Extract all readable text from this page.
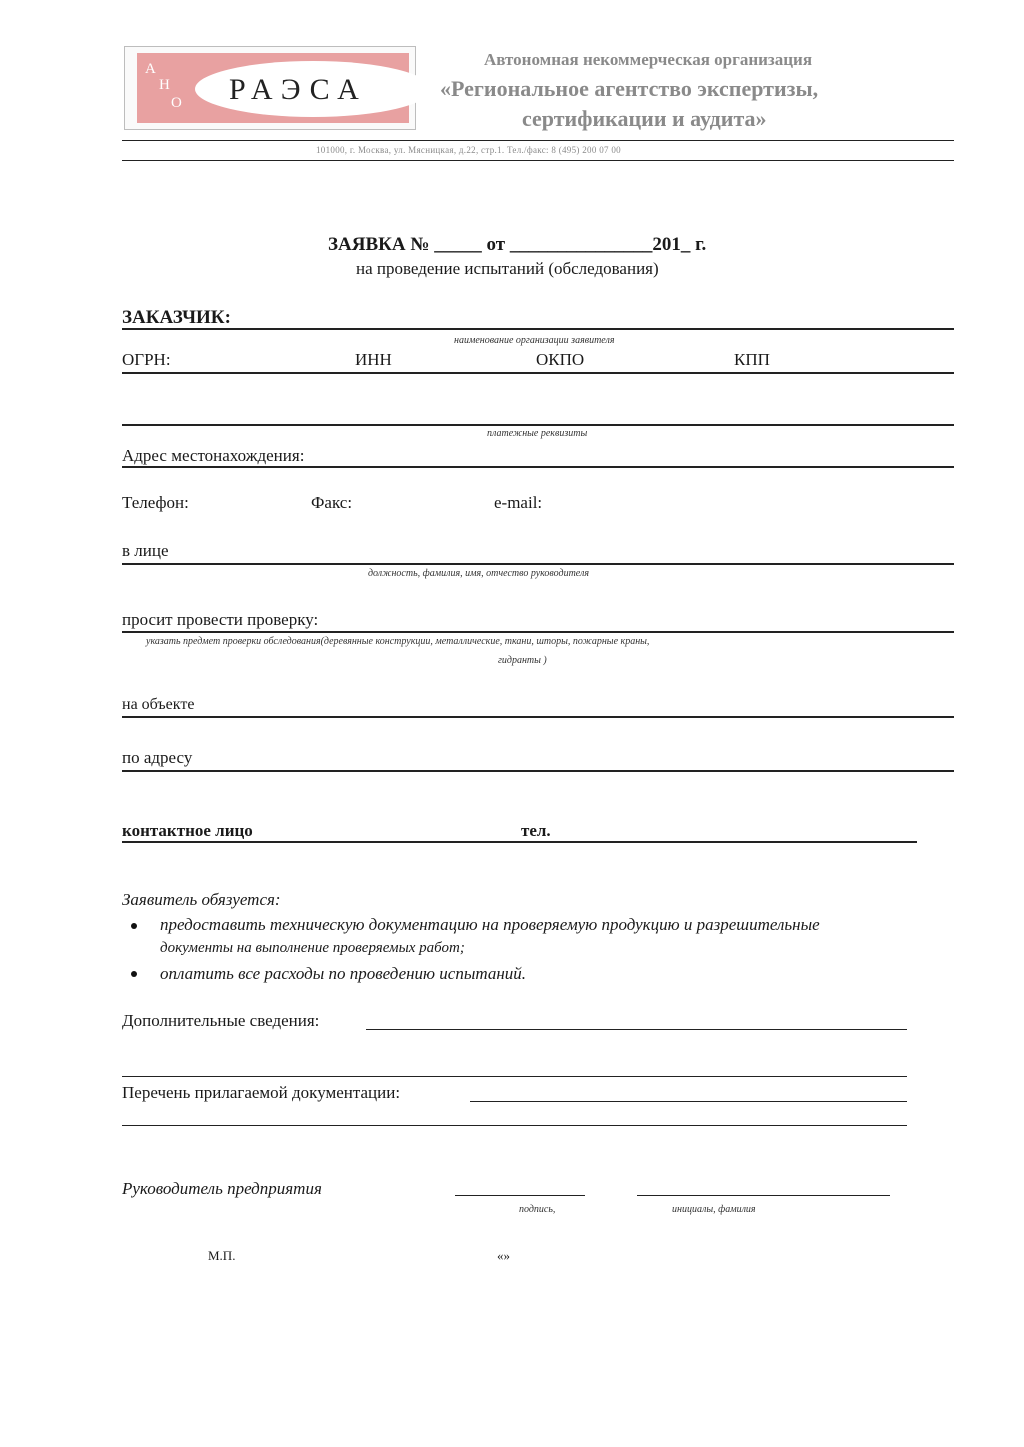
А
Н
О РАЭСА
Автономная некоммерческая организация
«Региональное агентство экспертизы,
сертификации и аудита»
101000, г. Москва, ул. Мясницкая, д.22, стр.1. Тел./факс: 8 (495) 200 07 00
ЗАЯВКА № _____ от _______________201_ г.
на проведение испытаний (обследования)
ЗАКАЗЧИК:
наименование организации заявителя
ОГРН:	ИНН	ОКПО	КПП
платежные реквизиты
Адрес местонахождения:
Телефон:	Факс:	e-mail:
в лице
должность, фамилия, имя, отчество руководителя
просит провести проверку:
указать предмет проверки обследования(деревянные конструкции, металлические, ткани, шторы, пожарные краны,
гидранты )
на объекте
по адресу
контактное лицо	тел.
Заявитель обязуется:
предоставить техническую документацию на проверяемую продукцию и разрешительные
документы на выполнение проверяемых работ;
оплатить все расходы по проведению испытаний.
Дополнительные сведения:
Перечень прилагаемой документации:
Руководитель предприятия
подпись,	инициалы, фамилия
М.П.	«»
